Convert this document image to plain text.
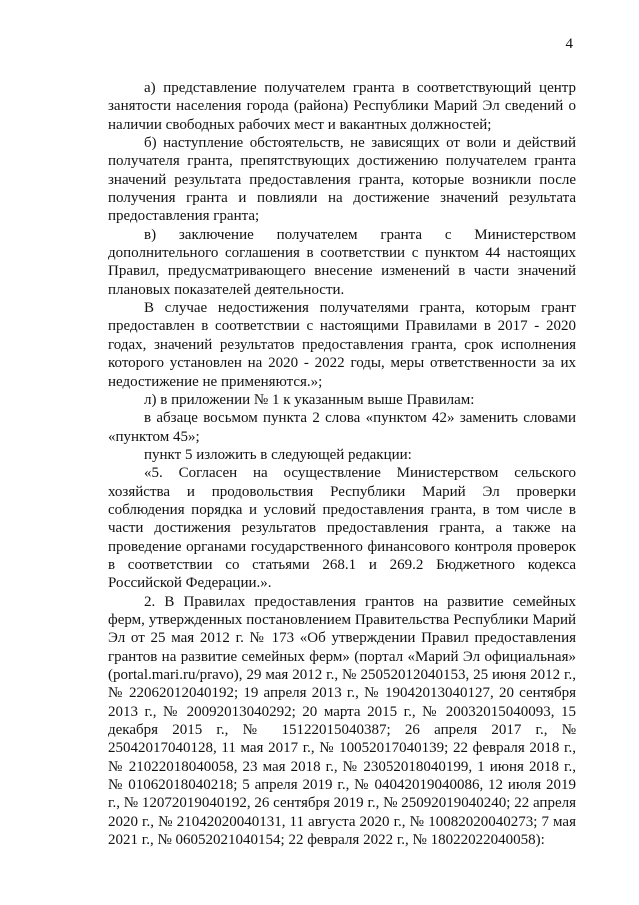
4

а) представление получателем гранта в соответствующий центр занятости населения города (района) Республики Марий Эл сведений о наличии свободных рабочих мест и вакантных должностей;

б) наступление обстоятельств, не зависящих от воли и действий получателя гранта, препятствующих достижению получателем гранта значений результата предоставления гранта, которые возникли после получения гранта и повлияли на достижение значений результата предоставления гранта;

в) заключение получателем гранта с Министерством дополнительного соглашения в соответствии с пунктом 44 настоящих Правил, предусматривающего внесение изменений в части значений плановых показателей деятельности.

В случае недостижения получателями гранта, которым грант предоставлен в соответствии с настоящими Правилами в 2017 - 2020 годах, значений результатов предоставления гранта, срок исполнения которого установлен на 2020 - 2022 годы, меры ответственности за их недостижение не применяются.»;

л) в приложении № 1 к указанным выше Правилам:

в абзаце восьмом пункта 2 слова «пунктом 42» заменить словами «пунктом 45»;

пункт 5 изложить в следующей редакции:

«5. Согласен на осуществление Министерством сельского хозяйства и продовольствия Республики Марий Эл проверки соблюдения порядка и условий предоставления гранта, в том числе в части достижения результатов предоставления гранта, а также на проведение органами государственного финансового контроля проверок в соответствии со статьями 268.1 и 269.2 Бюджетного кодекса Российской Федерации.».

2. В Правилах предоставления грантов на развитие семейных ферм, утвержденных постановлением Правительства Республики Марий Эл от 25 мая 2012 г. № 173 «Об утверждении Правил предоставления грантов на развитие семейных ферм» (портал «Марий Эл официальная» (portal.mari.ru/pravo), 29 мая 2012 г., № 25052012040153, 25 июня 2012 г., № 22062012040192; 19 апреля 2013 г., № 19042013040127, 20 сентября 2013 г., № 20092013040292; 20 марта 2015 г., № 20032015040093, 15 декабря 2015 г., № 15122015040387; 26 апреля 2017 г., № 25042017040128, 11 мая 2017 г., № 10052017040139; 22 февраля 2018 г., № 21022018040058, 23 мая 2018 г., № 23052018040199, 1 июня 2018 г., № 01062018040218; 5 апреля 2019 г., № 04042019040086, 12 июля 2019 г., № 12072019040192, 26 сентября 2019 г., № 25092019040240; 22 апреля 2020 г., № 21042020040131, 11 августа 2020 г., № 10082020040273; 7 мая 2021 г., № 06052021040154; 22 февраля 2022 г., № 18022022040058):
